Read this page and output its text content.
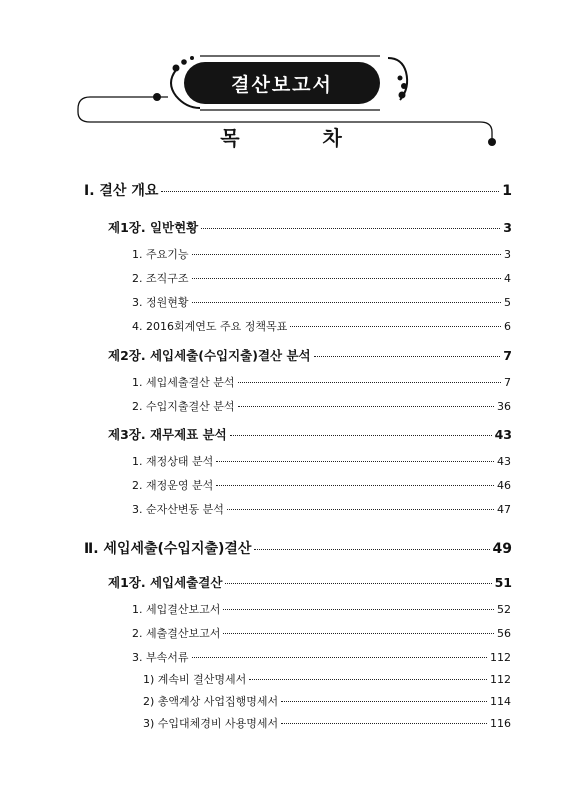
결산보고서
목 차
Ⅰ. 결산 개요	1
제1장. 일반현황	3
1. 주요기능	3
2. 조직구조	4
3. 정원현황	5
4. 2016회계연도 주요 정책목표	6
제2장. 세입세출(수입지출)결산 분석	7
1. 세입세출결산 분석	7
2. 수입지출결산 분석	36
제3장. 재무제표 분석	43
1. 재정상태 분석	43
2. 재정운영 분석	46
3. 순자산변동 분석	47
Ⅱ. 세입세출(수입지출)결산	49
제1장. 세입세출결산	51
1. 세입결산보고서	52
2. 세출결산보고서	56
3. 부속서류	112
1) 계속비 결산명세서	112
2) 총액계상 사업집행명세서	114
3) 수입대체경비 사용명세서	116
